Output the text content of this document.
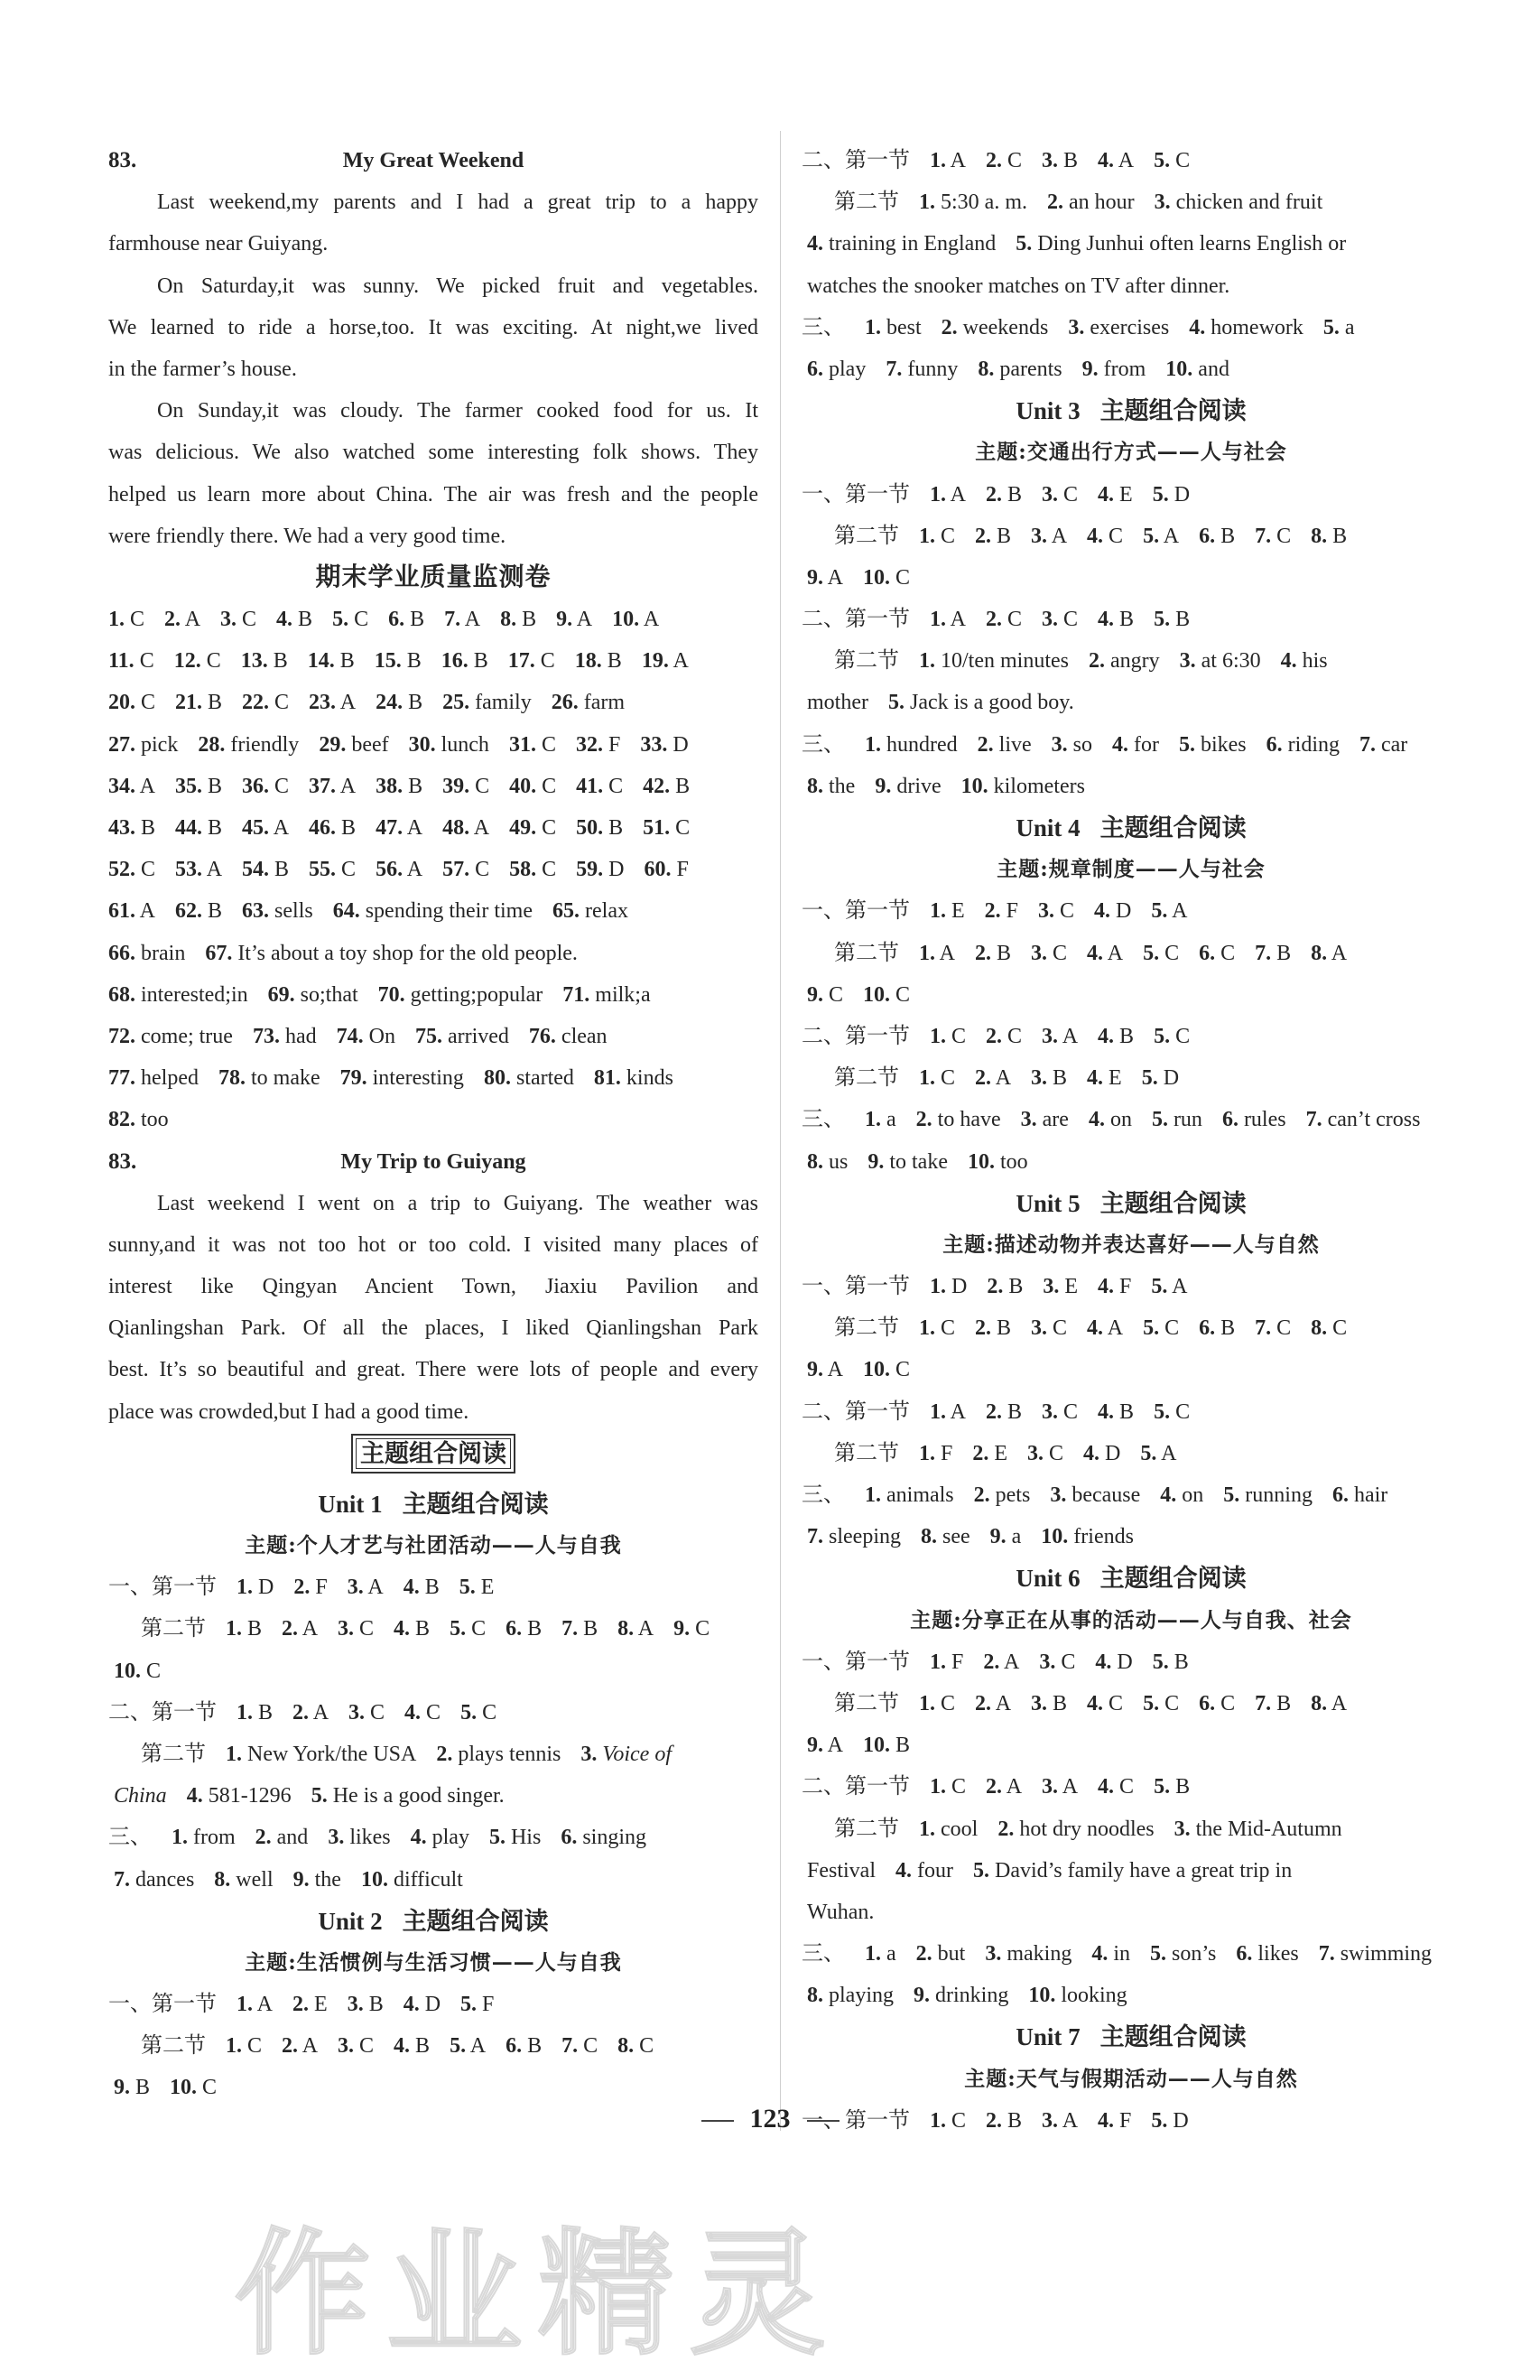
83.	My Great Weekend
Last weekend,my parents and I had a great trip to a happy
farmhouse near Guiyang.
On Saturday,it was sunny. We picked fruit and vegetables.
We learned to ride a horse,too. It was exciting. At night,we lived
in the farmer’s house.
On Sunday,it was cloudy. The farmer cooked food for us. It
was delicious. We also watched some interesting folk shows. They
helped us learn more about China. The air was fresh and the people
were friendly there. We had a very good time.
期末学业质量监测卷
1. C 2. A 3. C 4. B 5. C 6. B 7. A 8. B 9. A 10. A
11. C 12. C 13. B 14. B 15. B 16. B 17. C 18. B 19. A
20. C 21. B 22. C 23. A 24. B 25. family 26. farm
27. pick 28. friendly 29. beef 30. lunch 31. C 32. F 33. D
34. A 35. B 36. C 37. A 38. B 39. C 40. C 41. C 42. B
43. B 44. B 45. A 46. B 47. A 48. A 49. C 50. B 51. C
52. C 53. A 54. B 55. C 56. A 57. C 58. C 59. D 60. F
61. A 62. B 63. sells 64. spending their time 65. relax
66. brain 67. It’s about a toy shop for the old people.
68. interested;in 69. so;that 70. getting;popular 71. milk;a
72. come; true 73. had 74. On 75. arrived 76. clean
77. helped 78. to make 79. interesting 80. started 81. kinds
82. too
83.	My Trip to Guiyang
Last weekend I went on a trip to Guiyang. The weather was
sunny,and it was not too hot or too cold. I visited many places of
interest like Qingyan Ancient Town, Jiaxiu Pavilion and
Qianlingshan Park. Of all the places, I liked Qianlingshan Park
best. It’s so beautiful and great. There were lots of people and every
place was crowded,but I had a good time.
主题组合阅读
Unit 1 主题组合阅读
主题:个人才艺与社团活动——人与自我
一、第一节 1. D 2. F 3. A 4. B 5. E
第二节 1. B 2. A 3. C 4. B 5. C 6. B 7. B 8. A 9. C
10. C
二、第一节 1. B 2. A 3. C 4. C 5. C
第二节 1. New York/the USA 2. plays tennis 3. Voice of
China 4. 581-1296 5. He is a good singer.
三、 1. from 2. and 3. likes 4. play 5. His 6. singing
7. dances 8. well 9. the 10. difficult
Unit 2 主题组合阅读
主题:生活惯例与生活习惯——人与自我
一、第一节 1. A 2. E 3. B 4. D 5. F
第二节 1. C 2. A 3. C 4. B 5. A 6. B 7. C 8. C
9. B 10. C
二、第一节 1. A 2. C 3. B 4. A 5. C
第二节 1. 5:30 a. m. 2. an hour 3. chicken and fruit
4. training in England 5. Ding Junhui often learns English or
watches the snooker matches on TV after dinner.
三、 1. best 2. weekends 3. exercises 4. homework 5. a
6. play 7. funny 8. parents 9. from 10. and
Unit 3 主题组合阅读
主题:交通出行方式——人与社会
一、第一节 1. A 2. B 3. C 4. E 5. D
第二节 1. C 2. B 3. A 4. C 5. A 6. B 7. C 8. B
9. A 10. C
二、第一节 1. A 2. C 3. C 4. B 5. B
第二节 1. 10/ten minutes 2. angry 3. at 6:30 4. his
mother 5. Jack is a good boy.
三、 1. hundred 2. live 3. so 4. for 5. bikes 6. riding 7. car
8. the 9. drive 10. kilometers
Unit 4 主题组合阅读
主题:规章制度——人与社会
一、第一节 1. E 2. F 3. C 4. D 5. A
第二节 1. A 2. B 3. C 4. A 5. C 6. C 7. B 8. A
9. C 10. C
二、第一节 1. C 2. C 3. A 4. B 5. C
第二节 1. C 2. A 3. B 4. E 5. D
三、 1. a 2. to have 3. are 4. on 5. run 6. rules 7. can’t cross
8. us 9. to take 10. too
Unit 5 主题组合阅读
主题:描述动物并表达喜好——人与自然
一、第一节 1. D 2. B 3. E 4. F 5. A
第二节 1. C 2. B 3. C 4. A 5. C 6. B 7. C 8. C
9. A 10. C
二、第一节 1. A 2. B 3. C 4. B 5. C
第二节 1. F 2. E 3. C 4. D 5. A
三、 1. animals 2. pets 3. because 4. on 5. running 6. hair
7. sleeping 8. see 9. a 10. friends
Unit 6 主题组合阅读
主题:分享正在从事的活动——人与自我、社会
一、第一节 1. F 2. A 3. C 4. D 5. B
第二节 1. C 2. A 3. B 4. C 5. C 6. C 7. B 8. A
9. A 10. B
二、第一节 1. C 2. A 3. A 4. C 5. B
第二节 1. cool 2. hot dry noodles 3. the Mid-Autumn
Festival 4. four 5. David’s family have a great trip in
Wuhan.
三、 1. a 2. but 3. making 4. in 5. son’s 6. likes 7. swimming
8. playing 9. drinking 10. looking
Unit 7 主题组合阅读
主题:天气与假期活动——人与自然
一、第一节 1. C 2. B 3. A 4. F 5. D
123
作业精灵
